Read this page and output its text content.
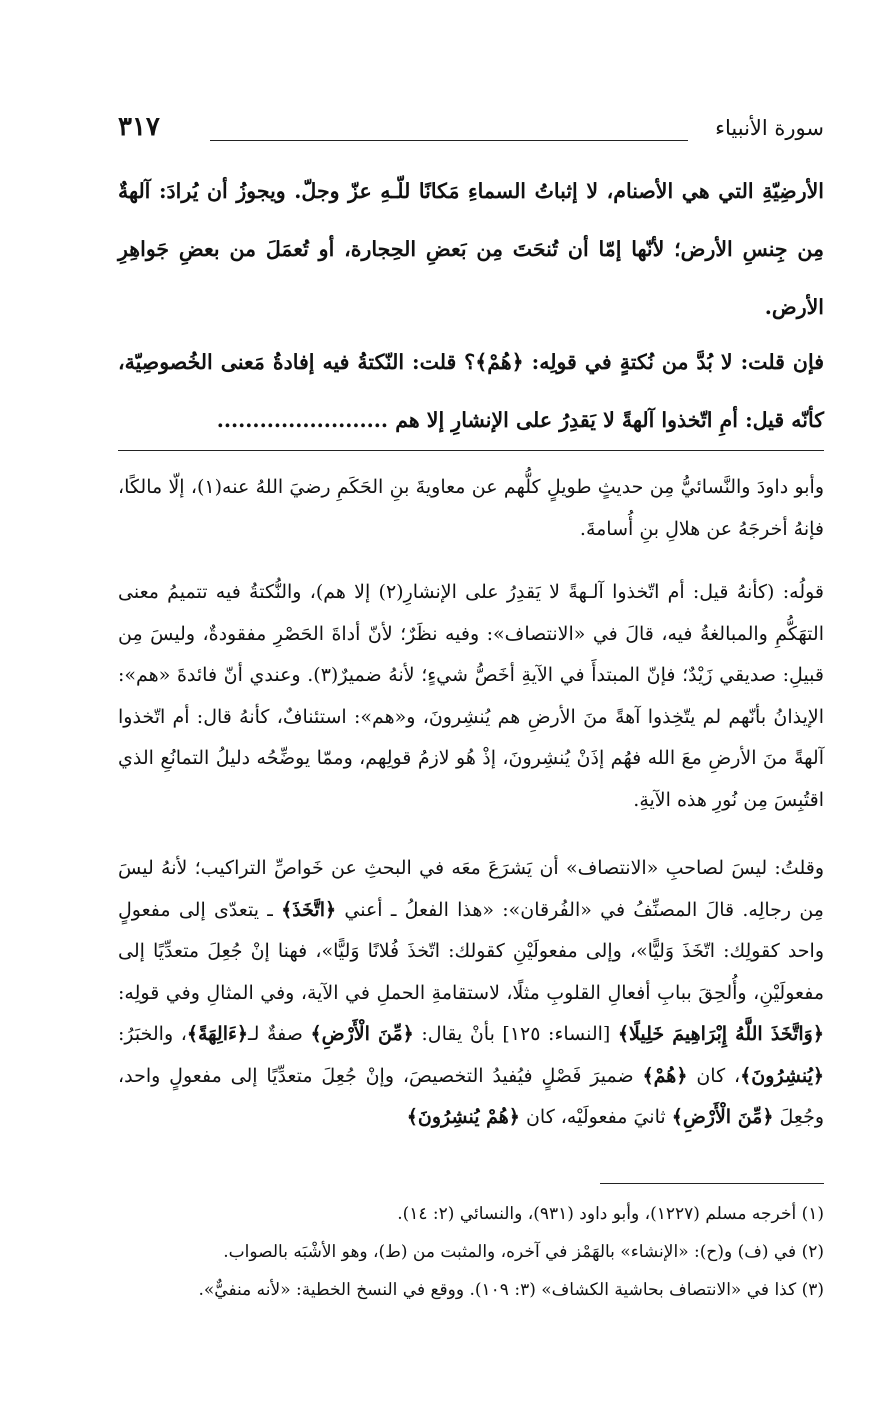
سورة الأنبياء
٣١٧

الأرضِيّةِ التي هي الأصنام، لا إثباتُ السماءِ مَكانًا للّـهِ عزّ وجلّ. ويجوزُ أن يُرادَ: آلهةٌ مِن جِنسِ الأرض؛ لأنّها إمّا أن تُنحَتَ مِن بَعضِ الحِجارة، أو تُعمَلَ من بعضِ جَواهِرِ الأرض.

فإن قلت: لا بُدَّ من نُكتةٍ في قولِه: ﴿هُمْ﴾؟ قلت: النّكتةُ فيه إفادةُ مَعنى الخُصوصِيّة، كأنّه قيل: أمِ اتّخذوا آلهةً لا يَقدِرُ على الإنشارِ إلا هم ........................

وأبو داودَ والنَّسائيُّ مِن حديثٍ طويلٍ كلُّهم عن معاويةَ بنِ الحَكَمِ رضيَ اللهُ عنه(١)، إلّا مالكًا، فإنهُ أخرجَهُ عن هلالِ بنِ أُسامةَ.

قولُه: (كأنهُ قيل: أم اتّخذوا آلـهةً لا يَقدِرُ على الإنشارِ(٢) إلا هم)، والنُّكتةُ فيه تتميمُ معنى التهَكُّمِ والمبالغةُ فيه، قالَ في «الانتصاف»: وفيه نظَرٌ؛ لأنّ أداةَ الحَصْرِ مفقودةٌ، وليسَ مِن قبيلِ: صديقي زَيْدٌ؛ فإنّ المبتدأَ في الآيةِ أخَصُّ شيءٍ؛ لأنهُ ضميرٌ(٣). وعندي أنّ فائدةَ «هم»: الإيذانُ بأنّهم لم يتّخِذوا آهةً منَ الأرضِ هم يُنشِرونَ، و«هم»: استئنافٌ، كأنهُ قال: أم اتّخذوا آلهةً منَ الأرضِ معَ الله فهُم إذَنْ يُنشِرونَ، إذْ هُو لازمُ قولِهم، وممّا يوضِّحُه دليلُ التمانُعِ الذي اقتُبِسَ مِن نُورِ هذه الآيةِ.

وقلتُ: ليسَ لصاحبِ «الانتصاف» أن يَشرَعَ معَه في البحثِ عن خَواصِّ التراكيب؛ لأنهُ ليسَ مِن رجالِه. قالَ المصنِّفُ في «الفُرقان»: «هذا الفعلُ ـ أعني ﴿اتَّخَذَ﴾ ـ يتعدّى إلى مفعولٍ واحد كقولِك: اتّخَذَ وَليًّا»، وإلى مفعولَيْنِ كقولك: اتّخذَ فُلانًا وَليًّا»، فهنا إنْ جُعِلَ متعدِّيًا إلى مفعولَيْنِ، وأُلحِقَ ببابِ أفعالِ القلوبِ مثلًا، لاستقامةِ الحملِ في الآية، وفي المثالِ وفي قولِه: ﴿وَاتَّخَذَ اللَّهُ إِبْرَاهِيمَ خَلِيلًا﴾ [النساء: ١٢٥] بأنْ يقال: ﴿مِّنَ الْأَرْضِ﴾ صفةٌ لـ﴿ءَالِهَةً﴾، والخبَرُ: ﴿يُنشِرُونَ﴾، كان ﴿هُمْ﴾ ضميرَ فَصْلٍ فيُفيدُ التخصيصَ، وإنْ جُعِلَ متعدِّيًا إلى مفعولٍ واحد، وجُعِلَ ﴿مِّنَ الْأَرْضِ﴾ ثانيَ مفعولَيْه، كان ﴿هُمْ يُنشِرُونَ﴾

(١) أخرجه مسلم (١٢٢٧)، وأبو داود (٩٣١)، والنسائي (٢: ١٤).
(٢) في (ف) و(ح): «الإنشاء» بالهَمْز في آخره، والمثبت من (ط)، وهو الأشْبَه بالصواب.
(٣) كذا في «الانتصاف بحاشية الكشاف» (٣: ١٠٩). ووقع في النسخ الخطية: «لأنه منفيٌّ».
